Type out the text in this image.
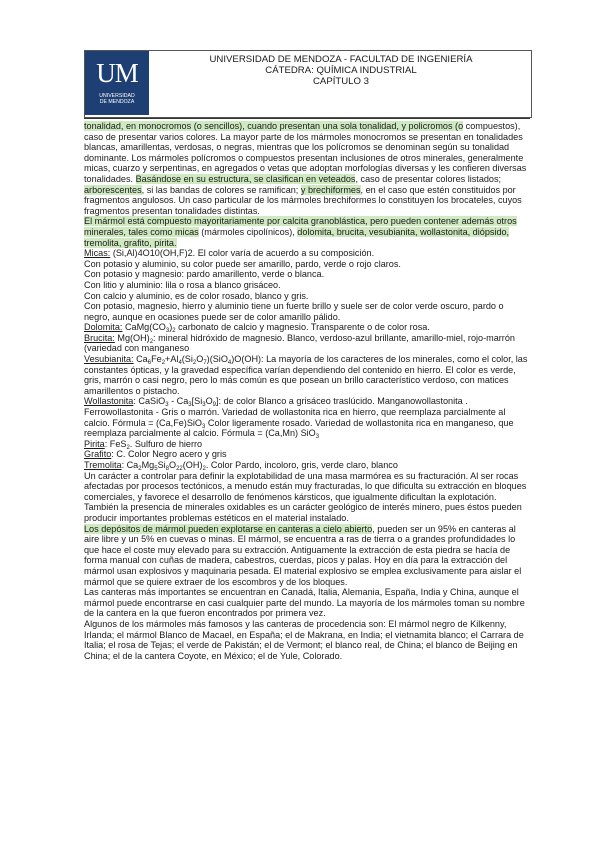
UM
UNIVERSIDAD
DE MENDOZA
UNIVERSIDAD DE MENDOZA - FACULTAD DE INGENIERÍA
CÁTEDRA: QUÍMICA INDUSTRIAL
CAPÍTULO 3

tonalidad, en monocromos (o sencillos), cuando presentan una sola tonalidad, y policromos (o compuestos), caso de presentar varios colores. La mayor parte de los mármoles monocromos se presentan en tonalidades blancas, amarillentas, verdosas, o negras, mientras que los polícromos se denominan según su tonalidad dominante. Los mármoles polícromos o compuestos presentan inclusiones de otros minerales, generalmente micas, cuarzo y serpentinas, en agregados o vetas que adoptan morfologías diversas y les confieren diversas tonalidades. Basándose en su estructura, se clasifican en veteados, caso de presentar colores listados; arborescentes, si las bandas de colores se ramifican; y brechiformes, en el caso que estén constituidos por fragmentos angulosos. Un caso particular de los mármoles brechiformes lo constituyen los brocateles, cuyos fragmentos presentan tonalidades distintas.

El mármol está compuesto mayoritariamente por calcita granoblástica, pero pueden contener además otros minerales, tales como micas (mármoles cipolínicos), dolomita, brucita, vesubianita, wollastonita, diópsido, tremolita, grafito, pirita.

Micas: (Si,Al)4O10(OH,F)2. El color varía de acuerdo a su composición.

Con potasio y aluminio, su color puede ser amarillo, pardo, verde o rojo claros.

Con potasio y magnesio: pardo amarillento, verde o blanca.

Con litio y aluminio: lila o rosa a blanco grisáceo.

Con calcio y aluminio, es de color rosado, blanco y gris.

Con potasio, magnesio, hierro y aluminio tiene un fuerte brillo y suele ser de color verde oscuro, pardo o negro, aunque en ocasiones puede ser de color amarillo pálido.

Dolomita: $CaMg(CO_3)_2$ carbonato de calcio y magnesio. Transparente o de color rosa.

Brucita: $Mg(OH)_2$: mineral hidróxido de magnesio. Blanco, verdoso-azul brillante, amarillo-miel, rojo-marrón (variedad con manganeso

Vesubianita: $Ca_6Fe_2+Al_4(Si_2O_7)(SiO_4)O(OH)$: La mayoría de los caracteres de los minerales, como el color, las constantes ópticas, y la gravedad específica varían dependiendo del contenido en hierro. El color es verde, gris, marrón o casi negro, pero lo más común es que posean un brillo característico verdoso, con matices amarillentos o pistacho.

Wollastonita: CaSiO$_3$ - $Ca_3[Si_3O_9]$: de color Blanco a grisáceo traslúcido. Manganowollastonita . Ferrowollastonita - Gris o marrón. Variedad de wollastonita rica en hierro, que reemplaza parcialmente al calcio. Fórmula = (Ca,Fe)SiO$_3$ Color ligeramente rosado. Variedad de wollastonita rica en manganeso, que reemplaza parcialmente al calcio. Fórmula = (Ca,Mn) SiO$_3$

Pirita: FeS$_2$. Sulfuro de hierro

Grafito: C. Color Negro acero y gris

Tremolita: $Ca_2Mg_5Si_8O_{22}(OH)_2$. Color Pardo, incoloro, gris, verde claro, blanco

Un carácter a controlar para definir la explotabilidad de una masa marmórea es su fracturación. Al ser rocas afectadas por procesos tectónicos, a menudo están muy fracturadas, lo que dificulta su extracción en bloques comerciales, y favorece el desarrollo de fenómenos kársticos, que igualmente dificultan la explotación.

También la presencia de minerales oxidables es un carácter geológico de interés minero, pues éstos pueden producir importantes problemas estéticos en el material instalado.

Los depósitos de mármol pueden explotarse en canteras a cielo abierto, pueden ser un 95% en canteras al aire libre y un 5% en cuevas o minas. El mármol, se encuentra a ras de tierra o a grandes profundidades lo que hace el coste muy elevado para su extracción. Antiguamente la extracción de esta piedra se hacía de forma manual con cuñas de madera, cabestros, cuerdas, picos y palas. Hoy en día para la extracción del mármol usan explosivos y maquinaria pesada. El material explosivo se emplea exclusivamente para aislar el mármol que se quiere extraer de los escombros y de los bloques.

Las canteras más importantes se encuentran en Canadá, Italia, Alemania, España, India y China, aunque el mármol puede encontrarse en casi cualquier parte del mundo. La mayoría de los mármoles toman su nombre de la cantera en la que fueron encontrados por primera vez.

Algunos de los mármoles más famosos y las canteras de procedencia son: El mármol negro de Kilkenny, Irlanda; el mármol Blanco de Macael, en España; el de Makrana, en India; el vietnamita blanco; el Carrara de Italia; el rosa de Tejas; el verde de Pakistán; el de Vermont; el blanco real, de China; el blanco de Beijing en China; el de la cantera Coyote, en México; el de Yule, Colorado.
